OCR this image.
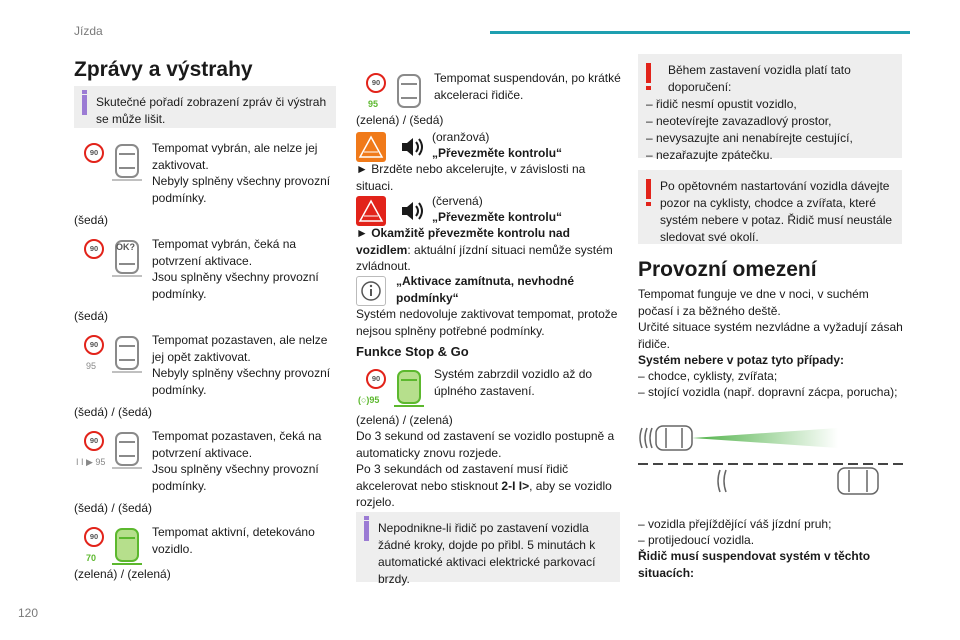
Jízda
Zprávy a výstrahy
Skutečné pořadí zobrazení zpráv či výstrah se může lišit.
90	Tempomat vybrán, ale nelze jej zaktivovat.
Nebyly splněny všechny provozní podmínky.
(šedá)
90	OK? Tempomat vybrán, čeká na potvrzení aktivace.
Jsou splněny všechny provozní podmínky.
(šedá)
90
95
Tempomat pozastaven, ale nelze jej opět zaktivovat.
Nebyly splněny všechny provozní podmínky.
(šedá) / (šedá)
90
I I ▶ 95
Tempomat pozastaven, čeká na potvrzení aktivace.
Jsou splněny všechny provozní podmínky.
(šedá) / (šedá)
90
70
Tempomat aktivní, detekováno vozidlo.
(zelená) / (zelená)
120
90
95
Tempomat suspendován, po krátké akceleraci řidiče.
(zelená) / (šedá)
(oranžová)
„Převezměte kontrolu“
► Brzděte nebo akcelerujte, v závislosti na situaci.
(červená)
„Převezměte kontrolu“
► Okamžitě převezměte kontrolu nad vozidlem: aktuální jízdní situaci nemůže systém zvládnout.
„Aktivace zamítnuta, nevhodné podmínky“
Systém nedovoluje zaktivovat tempomat, protože nejsou splněny potřebné podmínky.
Funkce Stop & Go
90
(○)95
Systém zabrzdil vozidlo až do úplného zastavení.
(zelená) / (zelená)
Do 3 sekund od zastavení se vozidlo postupně a automaticky znovu rozjede.
Po 3 sekundách od zastavení musí řidič akcelerovat nebo stisknout 2-I I>, aby se vozidlo rozjelo.
Nepodnikne-li řidič po zastavení vozidla žádné kroky, dojde po přibl. 5 minutách k automatické aktivaci elektrické parkovací brzdy.
Během zastavení vozidla platí tato doporučení:
– řidič nesmí opustit vozidlo,
– neotevírejte zavazadlový prostor,
– nevysazujte ani nenabírejte cestující,
– nezařazujte zpátečku.
Po opětovném nastartování vozidla dávejte pozor na cyklisty, chodce a zvířata, které systém nebere v potaz. Řidič musí neustále sledovat své okolí.
Provozní omezení
Tempomat funguje ve dne v noci, v suchém počasí i za běžného deště.
Určité situace systém nezvládne a vyžadují zásah řidiče.
Systém nebere v potaz tyto případy:
– chodce, cyklisty, zvířata;
– stojící vozidla (např. dopravní zácpa, porucha);
– vozidla přejíždějící váš jízdní pruh;
– protijedoucí vozidla.
Řidič musí suspendovat systém v těchto situacích:
